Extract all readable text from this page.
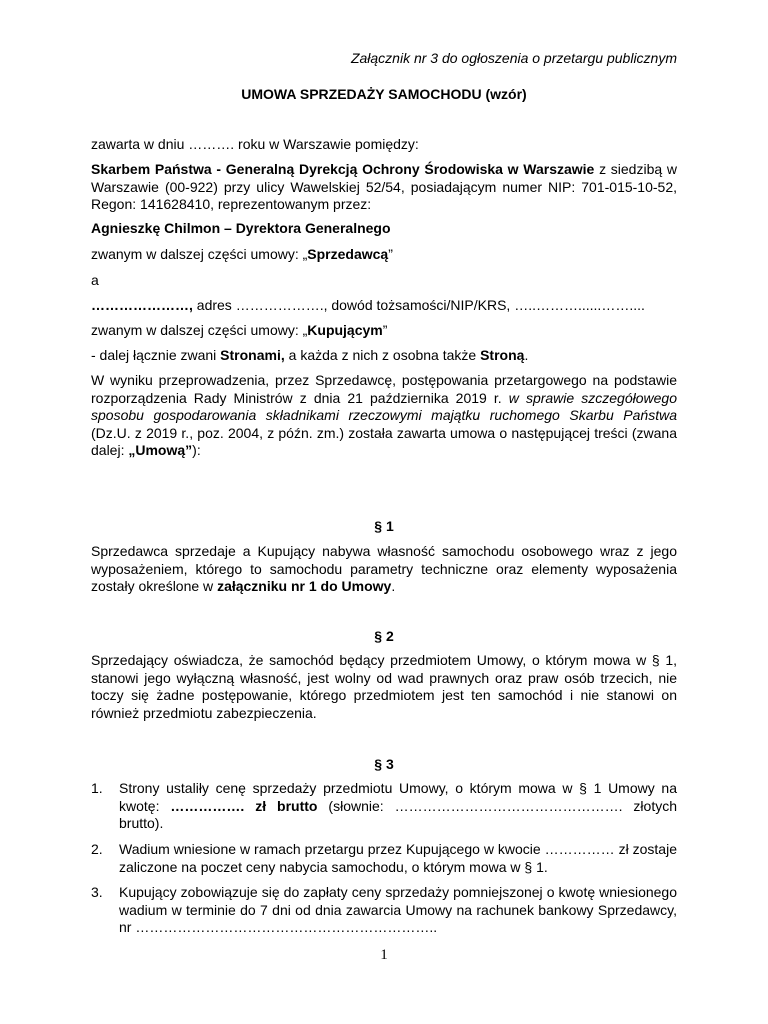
Załącznik nr 3 do ogłoszenia o przetargu publicznym
UMOWA SPRZEDAŻY SAMOCHODU (wzór)

zawarta w dniu ………. roku w Warszawie pomiędzy:

Skarbem Państwa - Generalną Dyrekcją Ochrony Środowiska w Warszawie z siedzibą w Warszawie (00-922) przy ulicy Wawelskiej 52/54, posiadającym numer NIP: 701-015-10-52, Regon: 141628410, reprezentowanym przez:

Agnieszkę Chilmon – Dyrektora Generalnego

zwanym w dalszej części umowy: „Sprzedawcą”

a

…………………, adres ………………., dowód tożsamości/NIP/KRS, …..………......……....

zwanym w dalszej części umowy: „Kupującym”

- dalej łącznie zwani Stronami, a każda z nich z osobna także Stroną.

W wyniku przeprowadzenia, przez Sprzedawcę, postępowania przetargowego na podstawie rozporządzenia Rady Ministrów z dnia 21 października 2019 r. w sprawie szczegółowego sposobu gospodarowania składnikami rzeczowymi majątku ruchomego Skarbu Państwa (Dz.U. z 2019 r., poz. 2004, z późn. zm.) została zawarta umowa o następującej treści (zwana dalej: „Umową”):

§ 1

Sprzedawca sprzedaje a Kupujący nabywa własność samochodu osobowego wraz z jego wyposażeniem, którego to samochodu parametry techniczne oraz elementy wyposażenia zostały określone w załączniku nr 1 do Umowy.

§ 2

Sprzedający oświadcza, że samochód będący przedmiotem Umowy, o którym mowa w § 1, stanowi jego wyłączną własność, jest wolny od wad prawnych oraz praw osób trzecich, nie toczy się żadne postępowanie, którego przedmiotem jest ten samochód i nie stanowi on również przedmiotu zabezpieczenia.

§ 3
1. Strony ustaliły cenę sprzedaży przedmiotu Umowy, o którym mowa w § 1 Umowy na kwotę: ……………. zł brutto (słownie: …………………………………………. złotych brutto).
2. Wadium wniesione w ramach przetargu przez Kupującego w kwocie …………… zł zostaje zaliczone na poczet ceny nabycia samochodu, o którym mowa w § 1.
3. Kupujący zobowiązuje się do zapłaty ceny sprzedaży pomniejszonej o kwotę wniesionego wadium w terminie do 7 dni od dnia zawarcia Umowy na rachunek bankowy Sprzedawcy, nr ………………………………………………………..
1
